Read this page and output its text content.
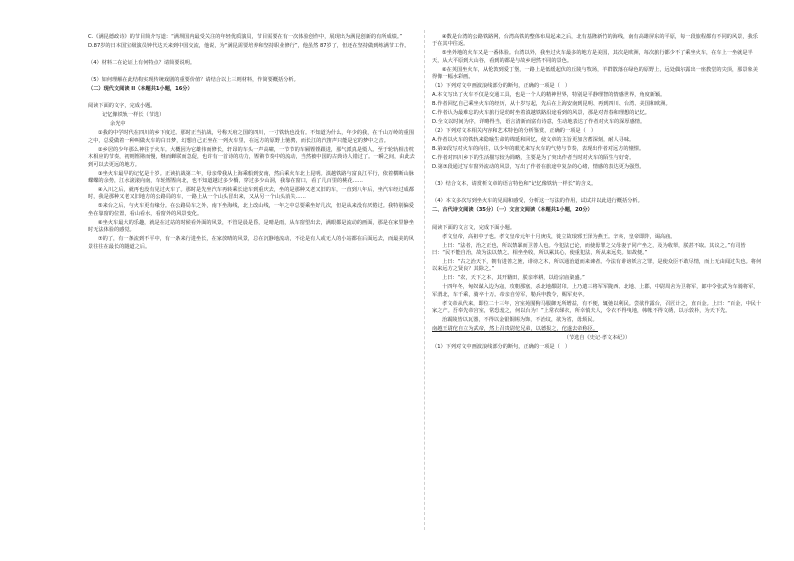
C.《满昆德政诗》的节目简介写道：“满坝国内最受关注的年轻优质演员，节目需要在有一次体验创作中，展现出为满昆创新的有所成绩。”

D.87岁的日本国宝级演员钟代达天来到中国交流，他说，为“满昆需要培养和坚持职业修行”，他虽然 87岁了，但还在坚持做到练满节工作。

（4）材料二在论证上有何特点？请简要说明。

（5）如何理解在此结构实现传统戏剧的重要价值？请结合以上三则材料，作简要概括分析。

（二）现代文阅读 II（本题共1小题，16分）

阅读下面的文字，完成小题。

记忆像铁轨一样长（节选）

余光中

①我的中学时代在四川的乡下度过。那时正当抗战，号称天府之国的四川，一寸铁轨也没有。不知道为什么，年少的我，在千山万岭的重围之中，总爱做着一种叫做火车的白日梦，幻想自己正坐在一列火车里，在远方的原野上驰骋，而长江的汽笛声只能是它的梦中之音。

②乡居的少年那么神往于火车。大概因为它雄伟而修长，轩昂的车头一声高啸，一节节的车厢铿铿跟进，那气派真是慑人。至于轮轨相击枕木相应的节奏，初则铿锵而慢，继而蝉联而急促，也许有一首诗的功力，铿锵节奏中的流动，当然被中国的古典诗人错过了。一瞬之间，由此去到可以去更远的地方。

③坐火车最早的记忆是十岁。正读抗战第二年，母亲带我从上海乘船到安南，然后乘火车北上昆明。滇越铁路与富良江平行，依着横断山脉蝶蝶的余势，江水滚滚向南，车轮铿铿向北，也不知道越过多少橋，穿过多少山洞，我靠在窗口，看了几百里的桃花……

④入川之后，就再也没有见过火车了。那时是先坐汽车再转乘长途车到重庆去，坐的是那种又老又旧的车，一直到八年后，坐汽车经过成都时，我是那种又老又旧地方的公路局的车，一路上从一个山头冒出来，又从另一个山头消失……

⑤来台之后，与火车更有缘分。在公路局车之外，南下坐海线，北上改山线，一年之中总要乘坐好几次，但是从来没有厌倦过。我特别偏爱坐在靠窗的位置，看山看水，看窗外的风景变化。

⑥坐火车最大的乐趣，就是在过站的时候看外面的风景，不管是晨是昏，是晴是雨，从车窗望出去，满眼都是流动的画面，那是在家里静坐时无法体验的感觉。

⑦的了，有一条流到不平中，有一条来行进坐长，在家放晴的风景，总在沉静地流动，不论是有人或无人的小站都在后面远去，而最美的风景往往在最长的隧道之后。

④数是台湾的公路铁路网，台湾高铁的整体布局起来之后，北有基隆新竹的海线，南有高雄屏东的平原，每一段旅程都有不同的风景，我乐于在其中往返。

⑤坐外地的火车又是一番体验。台湾以外，我坐过火车最多的地方是美国，其次是欧洲，每次旅行都少不了乘坐火车，在车上一坐就是半天，从大平原到大山谷，看到的都是与故乡迥然不同的景色。

⑥在英国坐火车，从伦敦到爱丁堡，一路上是低缓起伏的丘陵与牧场，羊群散落在绿色的原野上，远处偶尔露出一座教堂的尖顶，那景象美得像一幅水彩画。

（1）下列对文中画波浪线部分的断句，正确的一项是（　）

A.本文写出了火车不仅是交通工具，也是一个人的精神世界，特别是平静理智的情感世界，角度新颖。

B.作者回忆自己乘坐火车的经历，从十岁写起，先后在上海安南到昆明、再到四川、台湾、美国和欧洲。

C.作者认为最难忘的火车旅行是幼时坐着滇越铁路沿途看到的风景，那是对青春和理想的记忆。

D.全文以时间为序，详略得当，语言清新而富有诗意，生动地表达了作者对火车的深厚感情。

（2）下列对文本相关内容和艺术特色的分析鉴赏，正确的一项是（　）

A.作者以火车的铁轨来隐喻生命的绵延和回忆，使文章的主旨更加含蓄深刻，耐人寻味。

B.第②段写对火车的向往，以少年的眼光来写火车的气势与节奏，表现出作者对远方的憧憬。

C.作者对四川乡下的生活描写较为简略，主要是为了突出作者当时对火车的陌生与好奇。

D.第⑦段通过写车窗外流动的风景，写出了作者在旅途中复杂的心绪，情感的表达更为强烈。

（3）结合文本，请赏析文章的语言特色和“记忆像铁轨一样长”的含义。

（4）本文多次写到坐火车的见闻和感受，分析这一写法的作用，试试并以此进行概括分析。

二、古代诗文阅读（35分）（一）文言文阅读（本题共1小题，20分）

阅读下面的文言文，完成下面小题。

孝文皇帝，高祖中子也。孝文皇帝元年十月庚戌，徙立故琅邪王泽为燕王。辛亥，皇帝即阼，谒高庙。

上曰：“法者，治之正也，所以禁暴而卫善人也。今犯法已论，而使毋罪之父母妻子同产坐之，及为收帑，朕甚不取。其议之。”有司皆曰：“民不能自治，故为法以禁之。相坐坐收，所以累其心，使重犯法，所从来远矣。如故便。”

上曰：“古之治天下，朝有进善之旌，诽谤之木，所以通治道而来谏者。今法有诽谤妖言之罪，是使众臣不敢尽情，而上无由闻过失也。将何以来远方之贤良？其除之。”

上曰：“农，天下之本，其开籍田，朕亲率耕，以给宗庙粢盛。”

十四年冬，匈奴谋入边为寇，攻朝那塞，杀北地都尉卬。上乃遣三将军军陇西、北地、上郡，中尉周舍为卫将军，郎中令张武为车骑将军，军渭北，车千乘，骑卒十万。帝亲自劳军，勒兵申教令，赐军吏卒。

孝文帝从代来，即位二十三年，宫室苑囿狗马服御无所增益，有不便，辄弛以利民。尝欲作露台，召匠计之，直百金。上曰：“百金，中民十家之产。吾奉先帝宫室，常恐羞之，何以台为！”上常衣绨衣，所幸慎夫人，令衣不得曳地，帏帐不得文绣，以示敦朴，为天下先。

治霸陵皆以瓦器，不得以金银铜锡为饰，不治坟，欲为省，毋烦民。

南越王尉佗自立为武帝，然上召贵尉佗兄弟，以德报之，佗遂去帝称臣。

（节选自《史记·孝文本纪》）

（1）下列对文中画波浪线部分的断句，正确的一项是（　）
